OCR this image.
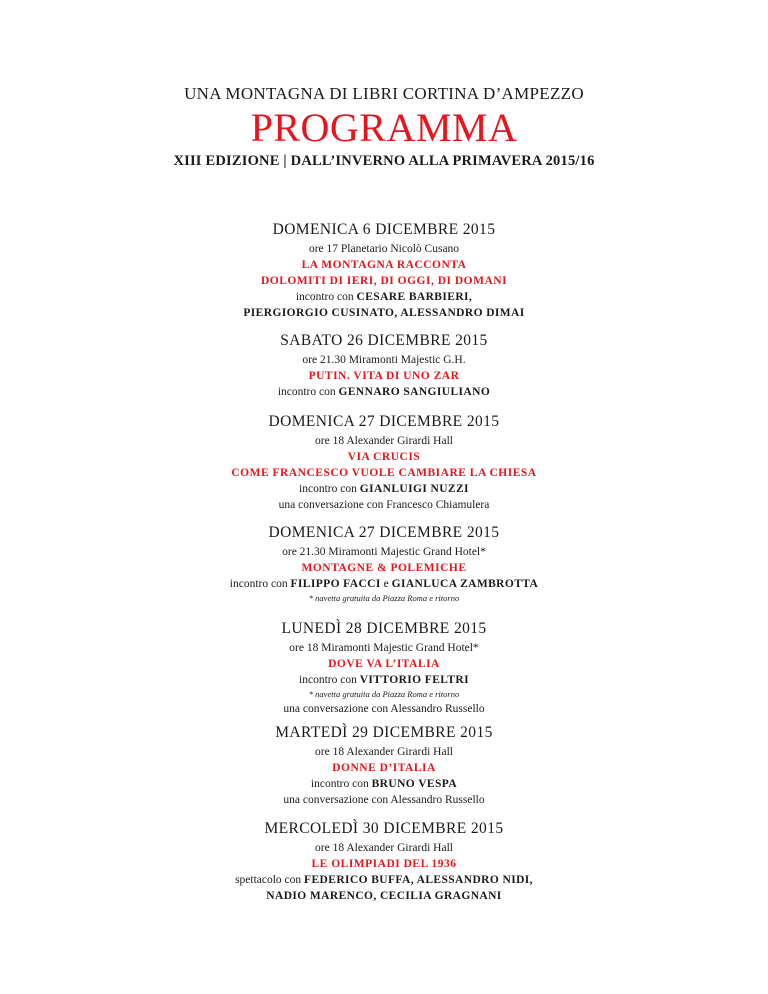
UNA MONTAGNA DI LIBRI CORTINA D’AMPEZZO
PROGRAMMA
XIII EDIZIONE | DALL’INVERNO ALLA PRIMAVERA 2015/16
DOMENICA 6 DICEMBRE 2015
ore 17 Planetario Nicolò Cusano
LA MONTAGNA RACCONTA
DOLOMITI DI IERI, DI OGGI, DI DOMANI
incontro con CESARE BARBIERI,
PIERGIORGIO CUSINATO, ALESSANDRO DIMAI
SABATO 26 DICEMBRE 2015
ore 21.30 Miramonti Majestic G.H.
PUTIN. VITA DI UNO ZAR
incontro con GENNARO SANGIULIANO
DOMENICA 27 DICEMBRE 2015
ore 18 Alexander Girardi Hall
VIA CRUCIS
COME FRANCESCO VUOLE CAMBIARE LA CHIESA
incontro con GIANLUIGI NUZZI
una conversazione con Francesco Chiamulera
DOMENICA 27 DICEMBRE 2015
ore 21.30 Miramonti Majestic Grand Hotel*
MONTAGNE & POLEMICHE
incontro con FILIPPO FACCI e GIANLUCA ZAMBROTTA
* navetta gratuita da Piazza Roma e ritorno
LUNEDÌ 28 DICEMBRE 2015
ore 18 Miramonti Majestic Grand Hotel*
DOVE VA L’ITALIA
incontro con VITTORIO FELTRI
* navetta gratuita da Piazza Roma e ritorno
una conversazione con Alessandro Russello
MARTEDÌ 29 DICEMBRE 2015
ore 18 Alexander Girardi Hall
DONNE D’ITALIA
incontro con BRUNO VESPA
una conversazione con Alessandro Russello
MERCOLEDÌ 30 DICEMBRE 2015
ore 18 Alexander Girardi Hall
LE OLIMPIADI DEL 1936
spettacolo con FEDERICO BUFFA, ALESSANDRO NIDI,
NADIO MARENCO, CECILIA GRAGNANI
